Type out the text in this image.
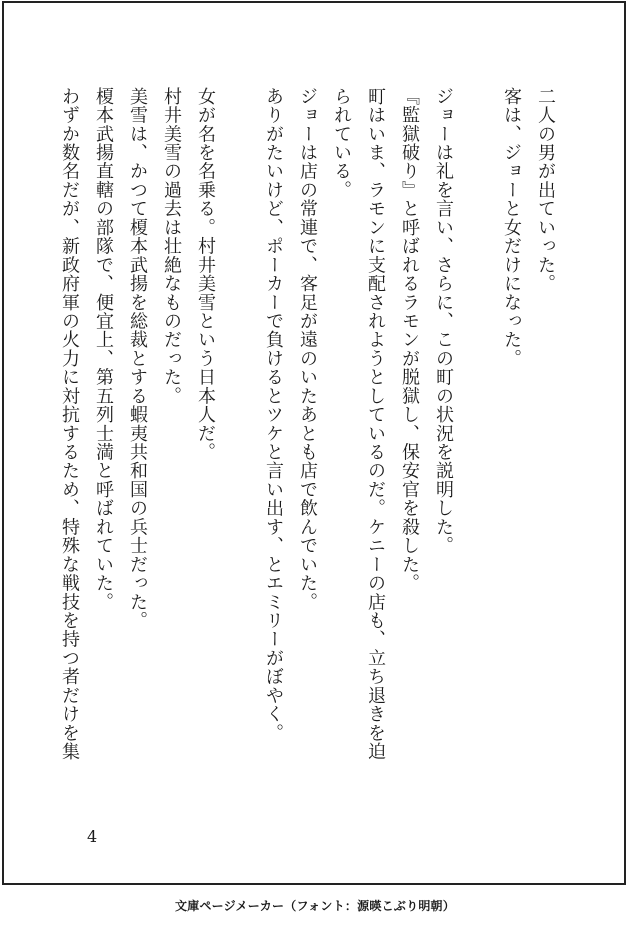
二人の男が出ていった。

客は、ジョーと女だけになった。

ジョーは礼を言い、さらに、この町の状況を説明した。

『監獄破り』と呼ばれるラモンが脱獄し、保安官を殺した。

町はいま、ラモンに支配されようとしているのだ。ケニーの店も、立ち退きを迫

られている。

ジョーは店の常連で、客足が遠のいたあとも店で飲んでいた。

ありがたいけど、ポーカーで負けるとツケと言い出す、とエミリーがぼやく。

女が名を名乗る。村井美雪という日本人だ。

村井美雪の過去は壮絶なものだった。

美雪は、かつて榎本武揚を総裁とする蝦夷共和国の兵士だった。

榎本武揚直轄の部隊で、便宜上、第五列士満と呼ばれていた。

わずか数名だが、新政府軍の火力に対抗するため、特殊な戦技を持つ者だけを集

4
文庫ページメーカー（フォント：源暎こぶり明朝）
